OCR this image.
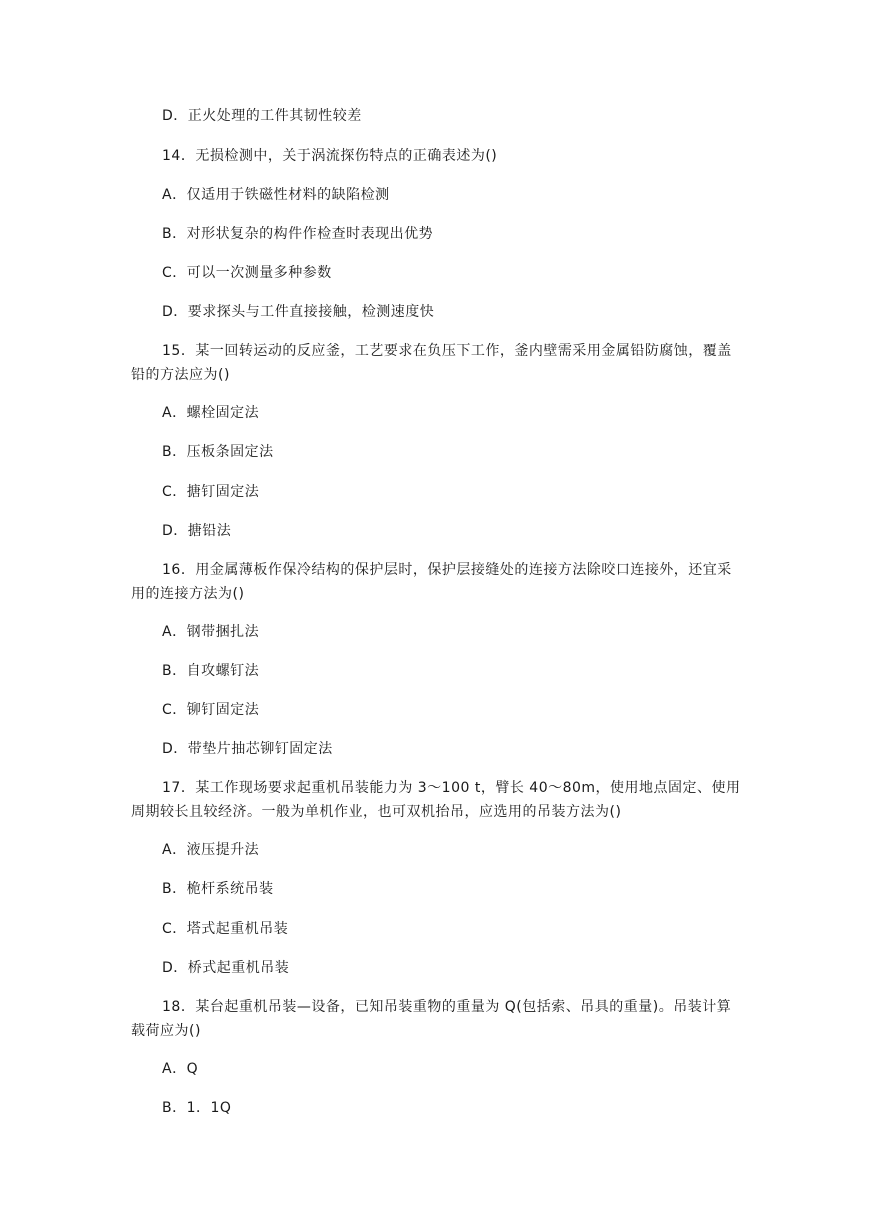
D．正火处理的工件其韧性较差
14．无损检测中，关于涡流探伤特点的正确表述为()
A．仅适用于铁磁性材料的缺陷检测
B．对形状复杂的构件作检查时表现出优势
C．可以一次测量多种参数
D．要求探头与工件直接接触，检测速度快
15．某一回转运动的反应釜，工艺要求在负压下工作，釜内壁需采用金属铅防腐蚀，覆盖铅的方法应为()
A．螺栓固定法
B．压板条固定法
C．搪钉固定法
D．搪铅法
16．用金属薄板作保冷结构的保护层时，保护层接缝处的连接方法除咬口连接外，还宜采用的连接方法为()
A．钢带捆扎法
B．自攻螺钉法
C．铆钉固定法
D．带垫片抽芯铆钉固定法
17．某工作现场要求起重机吊装能力为 3～100 t，臂长 40～80m，使用地点固定、使用周期较长且较经济。一般为单机作业，也可双机抬吊，应选用的吊装方法为()
A．液压提升法
B．桅杆系统吊装
C．塔式起重机吊装
D．桥式起重机吊装
18．某台起重机吊装—设备，已知吊装重物的重量为 Q(包括索、吊具的重量)。吊装计算载荷应为()
A．Q
B．1．1Q
